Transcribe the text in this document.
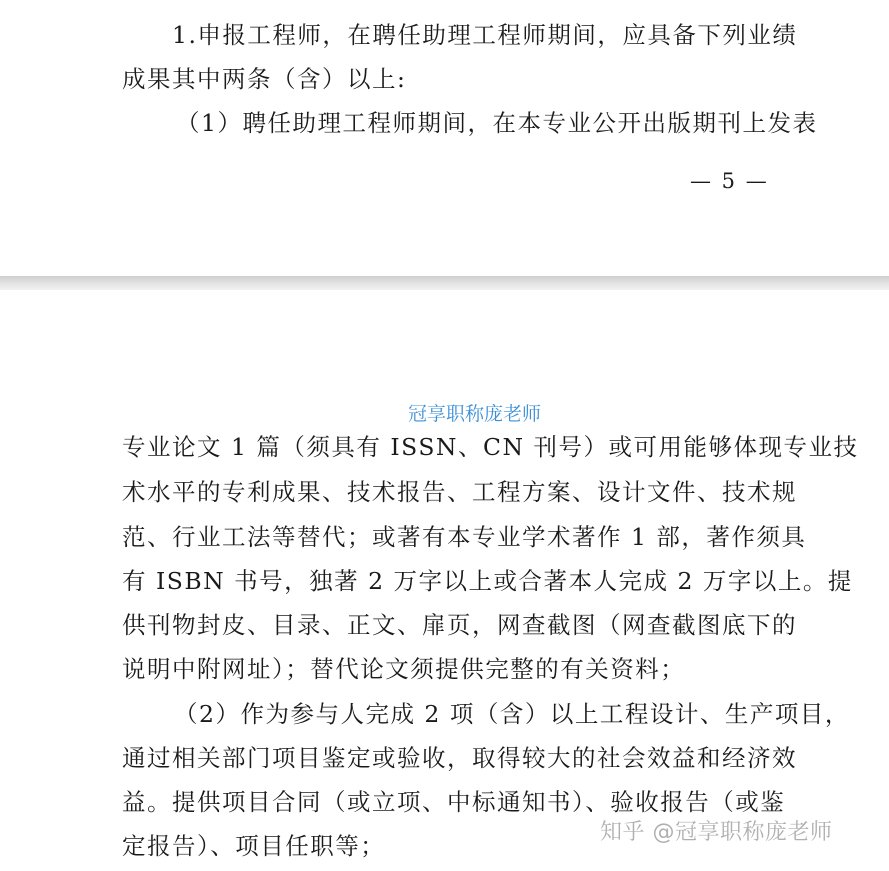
1.申报工程师，在聘任助理工程师期间，应具备下列业绩
成果其中两条（含）以上:
（1）聘任助理工程师期间，在本专业公开出版期刊上发表
— 5 —
冠享职称庞老师
专业论文 1 篇（须具有 ISSN、CN 刊号）或可用能够体现专业技
术水平的专利成果、技术报告、工程方案、设计文件、技术规
范、行业工法等替代；或著有本专业学术著作 1 部，著作须具
有 ISBN 书号，独著 2 万字以上或合著本人完成 2 万字以上。提
供刊物封皮、目录、正文、扉页，网查截图（网查截图底下的
说明中附网址）；替代论文须提供完整的有关资料；
（2）作为参与人完成 2 项（含）以上工程设计、生产项目，
通过相关部门项目鉴定或验收，取得较大的社会效益和经济效
益。提供项目合同（或立项、中标通知书）、验收报告（或鉴
定报告）、项目任职等；	知乎 @冠享职称庞老师
